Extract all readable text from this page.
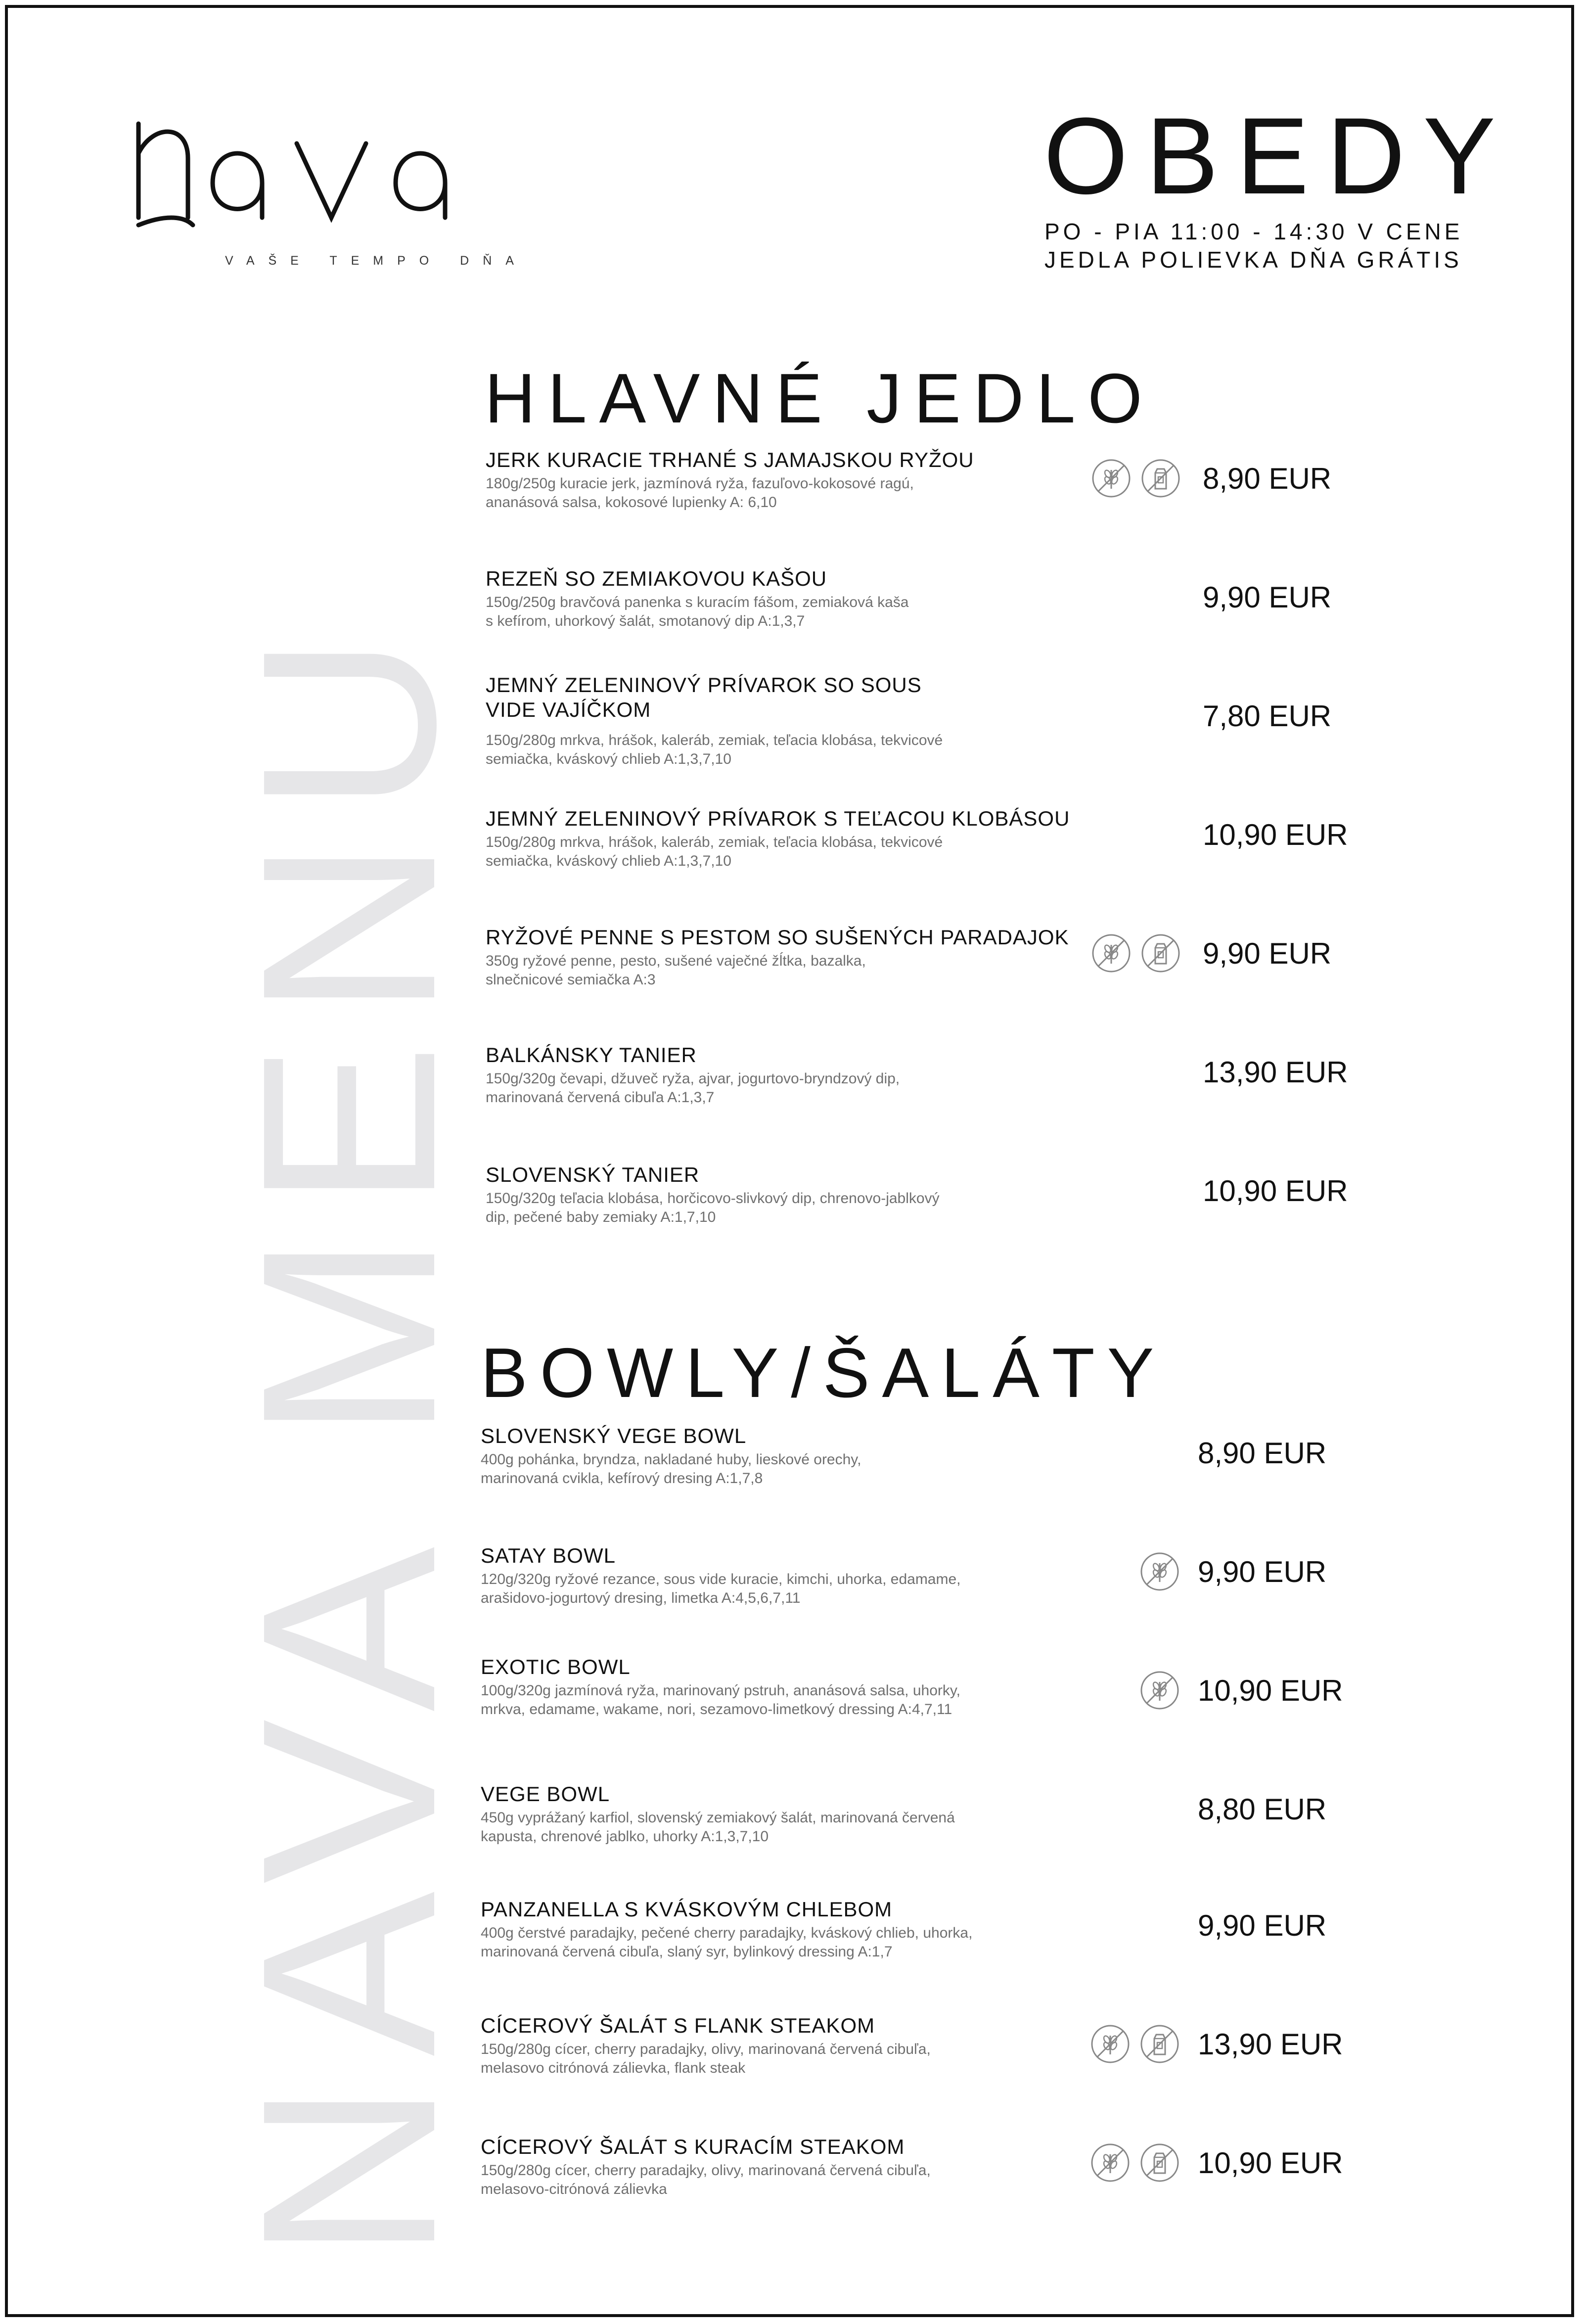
VAŠE TEMPO DŇA
OBEDY
PO - PIA 11:00 - 14:30 V CENE
JEDLA POLIEVKA DŇA GRÁTIS
NAVA MENU
HLAVNÉ JEDLO
BOWLY/ŠALÁTY
JERK KURACIE TRHANÉ S JAMAJSKOU RYŽOU
180g/250g kuracie jerk, jazmínová ryža, fazuľovo-kokosové ragú,
ananásová salsa, kokosové lupienky A: 6,10
8,90 EUR
REZEŇ SO ZEMIAKOVOU KAŠOU
150g/250g bravčová panenka s kuracím fášom, zemiaková kaša
s kefírom, uhorkový šalát, smotanový dip A:1,3,7
9,90 EUR
JEMNÝ ZELENINOVÝ PRÍVAROK SO SOUS
VIDE VAJÍČKOM
150g/280g mrkva, hrášok, kaleráb, zemiak, teľacia klobása, tekvicové
semiačka, kváskový chlieb A:1,3,7,10
7,80 EUR
JEMNÝ ZELENINOVÝ PRÍVAROK S TEĽACOU KLOBÁSOU
150g/280g mrkva, hrášok, kaleráb, zemiak, teľacia klobása, tekvicové
semiačka, kváskový chlieb A:1,3,7,10
10,90 EUR
RYŽOVÉ PENNE S PESTOM SO SUŠENÝCH PARADAJOK
350g ryžové penne, pesto, sušené vaječné žĺtka, bazalka,
slnečnicové semiačka A:3
9,90 EUR
BALKÁNSKY TANIER
150g/320g čevapi, džuveč ryža, ajvar, jogurtovo-bryndzový dip,
marinovaná červená cibuľa A:1,3,7
13,90 EUR
SLOVENSKÝ TANIER
150g/320g teľacia klobása, horčicovo-slivkový dip, chrenovo-jablkový
dip, pečené baby zemiaky A:1,7,10
10,90 EUR
SLOVENSKÝ VEGE BOWL
400g pohánka, bryndza, nakladané huby, lieskové orechy,
marinovaná cvikla, kefírový dresing A:1,7,8
8,90 EUR
SATAY BOWL
120g/320g ryžové rezance, sous vide kuracie, kimchi, uhorka, edamame,
arašidovo-jogurtový dresing, limetka A:4,5,6,7,11
9,90 EUR
EXOTIC BOWL
100g/320g jazmínová ryža, marinovaný pstruh, ananásová salsa, uhorky,
mrkva, edamame, wakame, nori, sezamovo-limetkový dressing A:4,7,11
10,90 EUR
VEGE BOWL
450g vyprážaný karfiol, slovenský zemiakový šalát, marinovaná červená
kapusta, chrenové jablko, uhorky A:1,3,7,10
8,80 EUR
PANZANELLA S KVÁSKOVÝM CHLEBOM
400g čerstvé paradajky, pečené cherry paradajky, kváskový chlieb, uhorka,
marinovaná červená cibuľa, slaný syr, bylinkový dressing A:1,7
9,90 EUR
CÍCEROVÝ ŠALÁT S FLANK STEAKOM
150g/280g cícer, cherry paradajky, olivy, marinovaná červená cibuľa,
melasovo citrónová zálievka, flank steak
13,90 EUR
CÍCEROVÝ ŠALÁT S KURACÍM STEAKOM
150g/280g cícer, cherry paradajky, olivy, marinovaná červená cibuľa,
melasovo-citrónová zálievka
10,90 EUR
